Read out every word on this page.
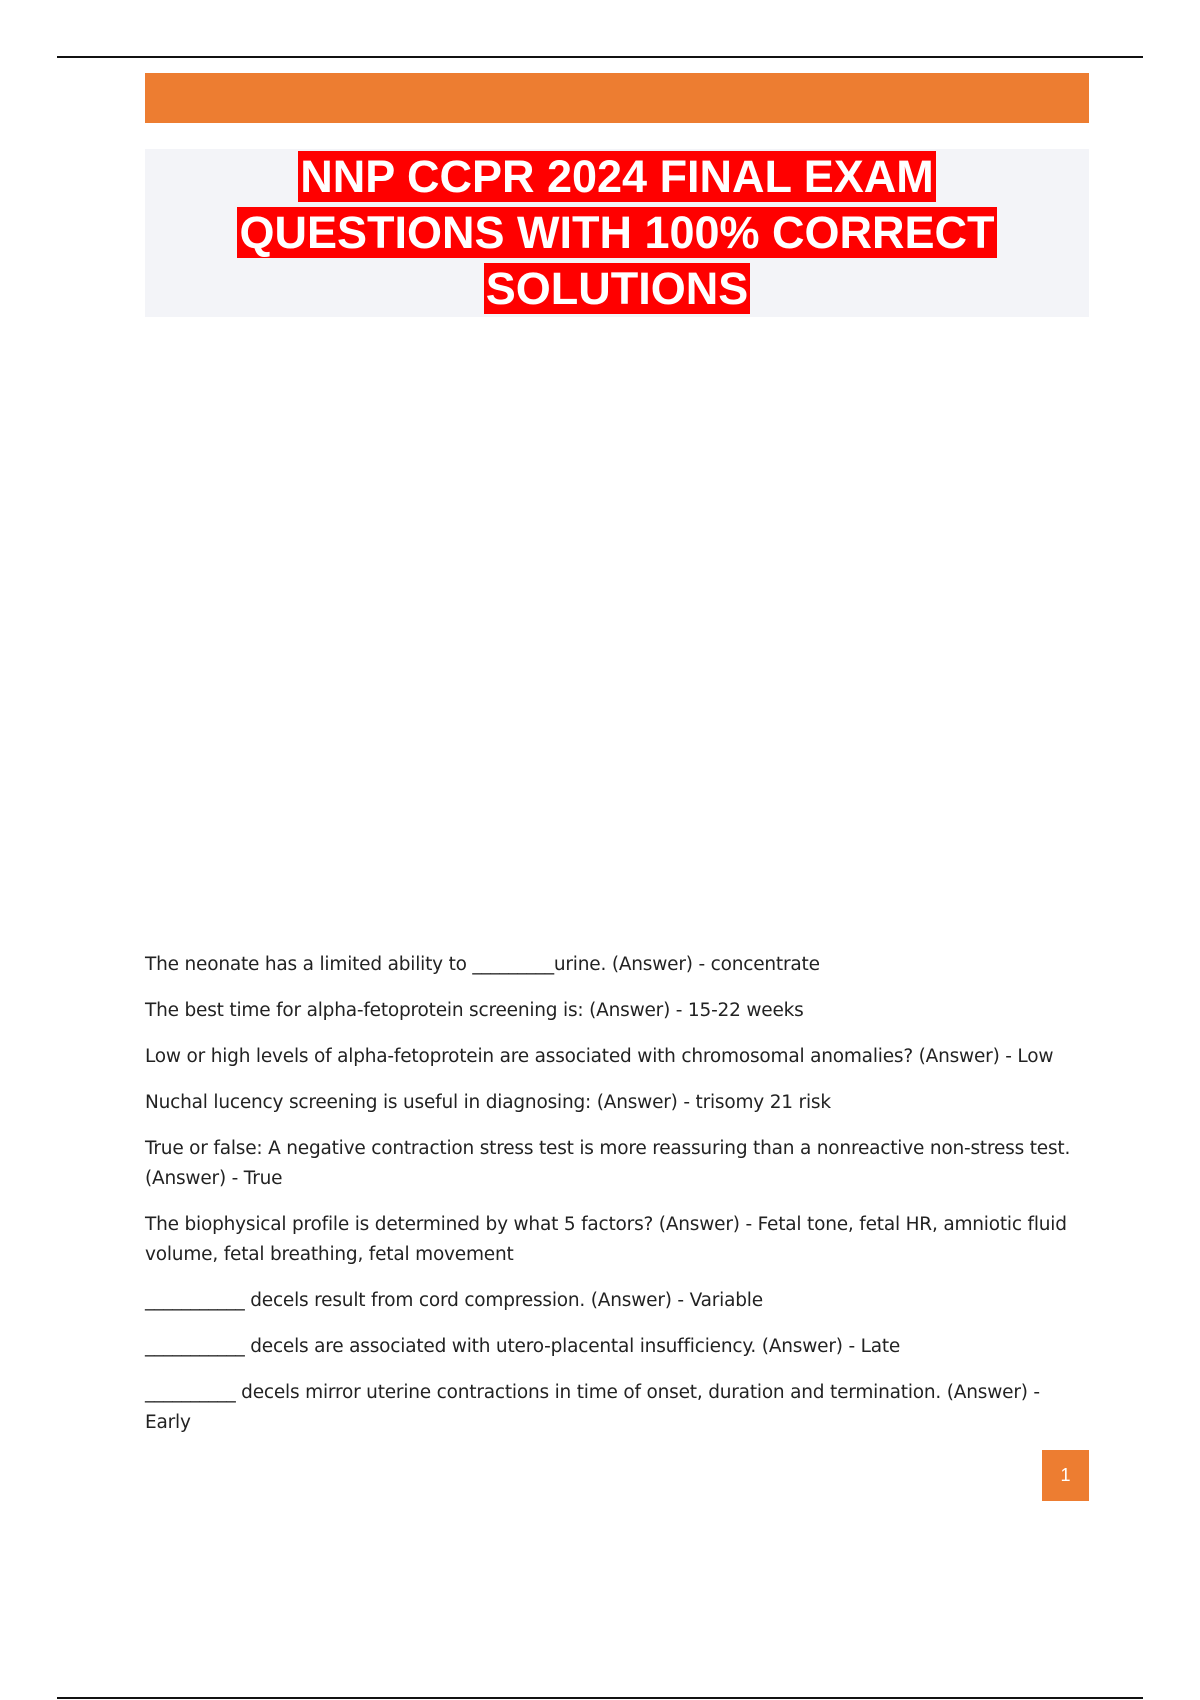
NNP CCPR 2024 FINAL EXAM
QUESTIONS WITH 100% CORRECT
SOLUTIONS
The neonate has a limited ability to _________urine. (Answer) - concentrate
The best time for alpha-fetoprotein screening is: (Answer) - 15-22 weeks
Low or high levels of alpha-fetoprotein are associated with chromosomal anomalies? (Answer) - Low
Nuchal lucency screening is useful in diagnosing: (Answer) - trisomy 21 risk
True or false: A negative contraction stress test is more reassuring than a nonreactive non-stress test. (Answer) - True
The biophysical profile is determined by what 5 factors? (Answer) - Fetal tone, fetal HR, amniotic fluid volume, fetal breathing, fetal movement
___________ decels result from cord compression. (Answer) - Variable
___________ decels are associated with utero-placental insufficiency. (Answer) - Late
__________ decels mirror uterine contractions in time of onset, duration and termination. (Answer) - Early
1
